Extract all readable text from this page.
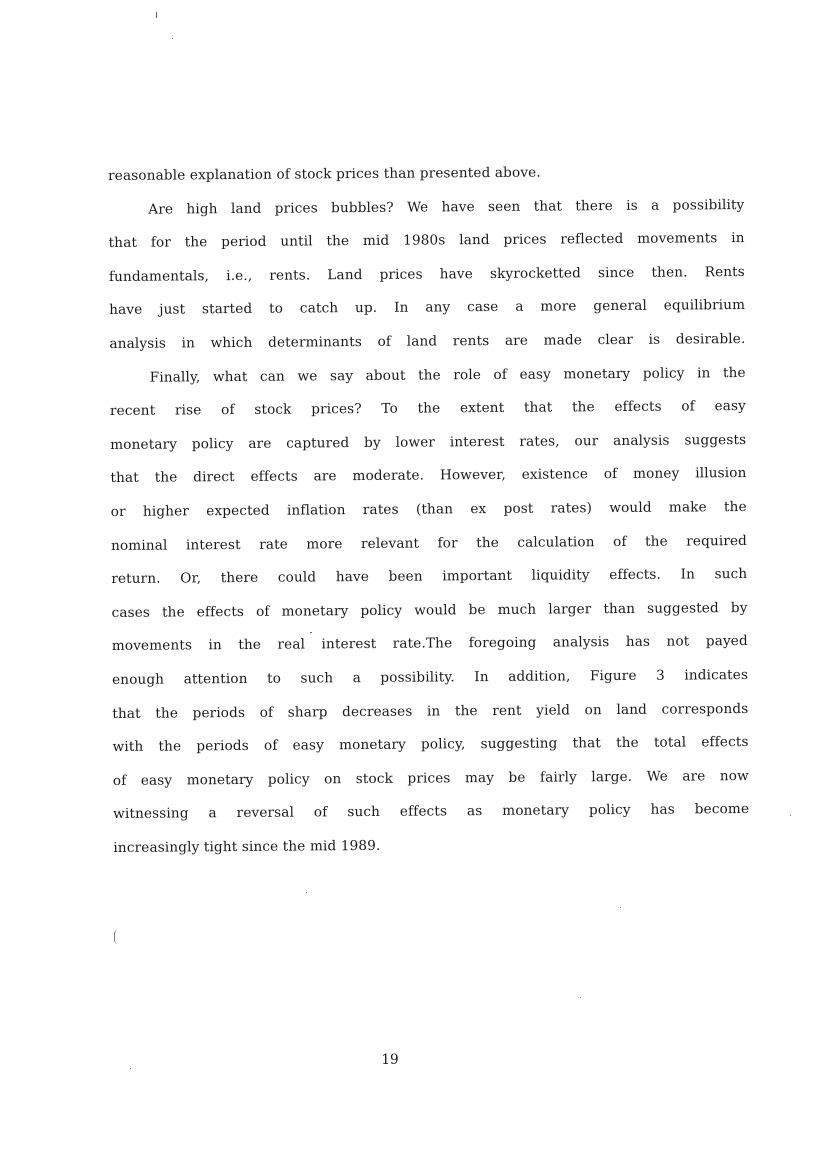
reasonable explanation of stock prices than presented above.
Are high land prices bubbles? We have seen that there is a possibility
that for the period until the mid 1980s land prices reflected movements in
fundamentals, i.e., rents. Land prices have skyrocketted since then. Rents
have just started to catch up. In any case a more general equilibrium
analysis in which determinants of land rents are made clear is desirable.
Finally, what can we say about the role of easy monetary policy in the
recent rise of stock prices? To the extent that the effects of easy
monetary policy are captured by lower interest rates, our analysis suggests
that the direct effects are moderate. However, existence of money illusion
or higher expected inflation rates (than ex post rates) would make the
nominal interest rate more relevant for the calculation of the required
return. Or, there could have been important liquidity effects. In such
cases the effects of monetary policy would be much larger than suggested by
movements in the real interest rate.The foregoing analysis has not payed
enough attention to such a possibility. In addition, Figure 3 indicates
that the periods of sharp decreases in the rent yield on land corresponds
with the periods of easy monetary policy, suggesting that the total effects
of easy monetary policy on stock prices may be fairly large. We are now
witnessing a reversal of such effects as monetary policy has become
increasingly tight since the mid 1989.
19
